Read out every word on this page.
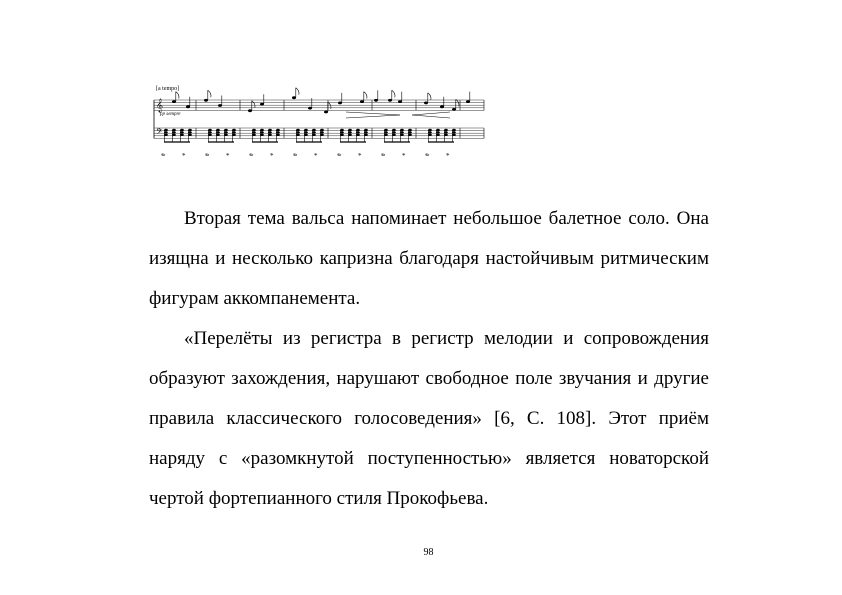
𝄞
𝄢
𝆮 *	𝆮 *	𝆮 *	𝆮 *	𝆮 *	𝆮 *	𝆮 *
[a tempo]
pp sempre

Вторая тема вальса напоминает небольшое балетное соло. Она изящна и несколько капризна благодаря настойчивым ритмическим фигурам аккомпанемента.

«Перелёты из регистра в регистр мелодии и сопровождения образуют захождения, нарушают свободное поле звучания и другие правила классического голосоведения» [6, С. 108]. Этот приём наряду с «разомкнутой поступенностью» является новаторской чертой фортепианного стиля Прокофьева.

98
